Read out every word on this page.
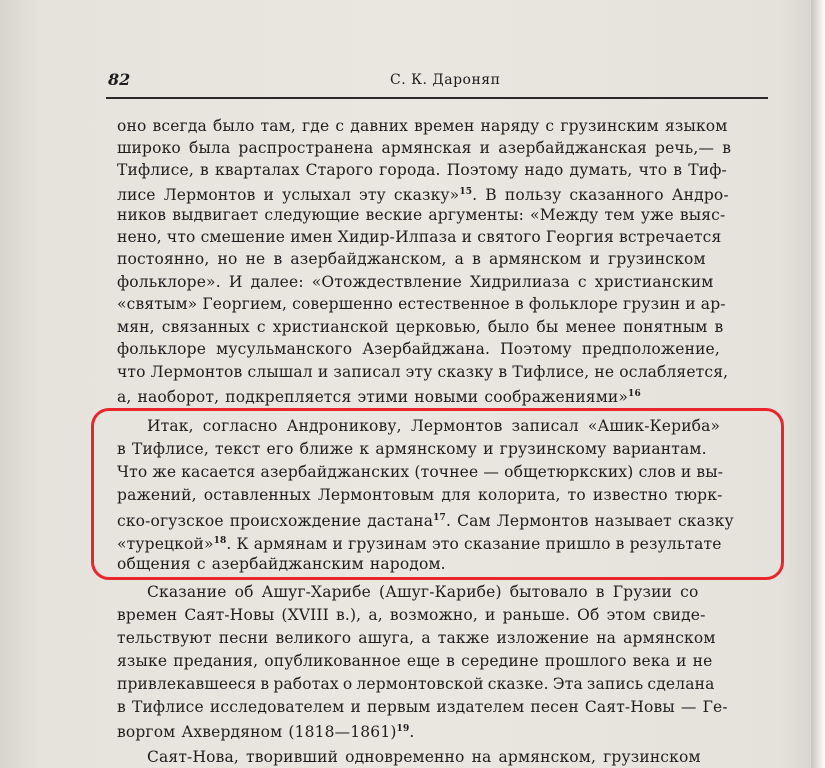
82	С. К. Дароняп
оно всегда было там, где с давних времен наряду с грузинским языком
широко была распространена армянская и азербайджанская речь,— в
Тифлисе, в кварталах Старого города. Поэтому надо думать, что в Тиф-
лисе Лермонтов и услыхал эту сказку»$^{15}$. В пользу сказанного Андро-
ников выдвигает следующие веские аргументы: «Между тем уже выяс-
нено, что смешение имен Хидир-Илпаза и святого Георгия встречается
постоянно, но не в азербайджанском, а в армянском и грузинском
фольклоре». И далее: «Отождествление Хидрилиаза с христианским
«святым» Георгием, совершенно естественное в фольклоре грузин и ар-
мян, связанных с христианской церковью, было бы менее понятным в
фольклоре мусульманского Азербайджана. Поэтому предположение,
что Лермонтов слышал и записал эту сказку в Тифлисе, не ослабляется,
а, наоборот, подкрепляется этими новыми соображениями»$^{16}$
Итак, согласно Андроникову, Лермонтов записал «Ашик-Кериба»
в Тифлисе, текст его ближе к армянскому и грузинскому вариантам.
Что же касается азербайджанских (точнее — общетюркских) слов и вы-
ражений, оставленных Лермонтовым для колорита, то известно тюрк-
ско-огузское происхождение дастана$^{17}$. Сам Лермонтов называет сказку
«турецкой»$^{18}$. К армянам и грузинам это сказание пришло в результате
общения с азербайджанским народом.
Сказание об Ашуг-Харибе (Ашуг-Карибе) бытовало в Грузии со
времен Саят-Новы (XVIII в.), а, возможно, и раньше. Об этом свиде-
тельствуют песни великого ашуга, а также изложение на армянском
языке предания, опубликованное еще в середине прошлого века и не
привлекавшееся в работах о лермонтовской сказке. Эта запись сделана
в Тифлисе исследователем и первым издателем песен Саят-Новы — Ге-
воргом Ахвердяном (1818—1861)$^{19}$.
Саят-Нова, творивший одновременно на армянском, грузинском
